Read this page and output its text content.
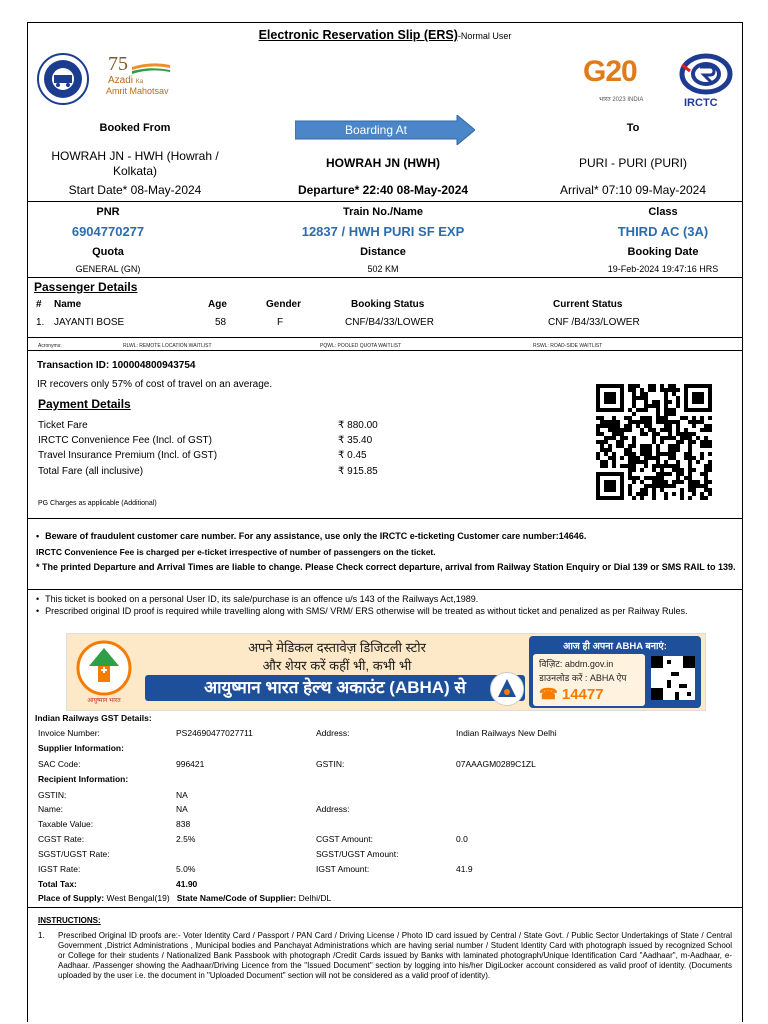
Electronic Reservation Slip (ERS)-Normal User
75
Azadi Ka
Amrit Mahotsav
G20
भारत 2023 INDIA	IRCTC
Booked From	Boarding At	To
HOWRAH JN - HWH (Howrah / Kolkata)
HOWRAH JN (HWH)	PURI - PURI (PURI)
Start Date* 08-May-2024	Departure* 22:40 08-May-2024	Arrival* 07:10 09-May-2024
PNR	Train No./Name	Class
6904770277	12837 / HWH PURI SF EXP	THIRD AC (3A)
Quota	Distance	Booking Date
GENERAL (GN)	502 KM	19-Feb-2024 19:47:16 HRS
Passenger Details
# Name	Age	Gender	Booking Status	Current Status
1. JAYANTI BOSE	58	F	CNF/B4/33/LOWER	CNF /B4/33/LOWER
Acronyms:	RLWL: REMOTE LOCATION WAITLIST	PQWL: POOLED QUOTA WAITLIST	RSWL: ROAD-SIDE WAITLIST
Transaction ID: 100004800943754
IR recovers only 57% of cost of travel on an average.
Payment Details
Ticket Fare	₹ 880.00
IRCTC Convenience Fee (Incl. of GST)	₹ 35.40
Travel Insurance Premium (Incl. of GST)	₹ 0.45
Total Fare (all inclusive)	₹ 915.85
PG Charges as applicable (Additional)
• Beware of fraudulent customer care number. For any assistance, use only the IRCTC e-ticketing Customer care number:14646.
IRCTC Convenience Fee is charged per e-ticket irrespective of number of passengers on the ticket.
* The printed Departure and Arrival Times are liable to change. Please Check correct departure, arrival from Railway Station Enquiry or Dial 139 or SMS RAIL to 139.
• This ticket is booked on a personal User ID, its sale/purchase is an offence u/s 143 of the Railways Act,1989.
• Prescribed original ID proof is required while travelling along with SMS/ VRM/ ERS otherwise will be treated as without ticket and penalized as per Railway Rules.
आयुष्मान भारत
अपने मेडिकल दस्तावेज़ डिजिटली स्टोर
और शेयर करें कहीं भी, कभी भी
आयुष्मान भारत हेल्थ अकाउंट (ABHA) से
आज ही अपना ABHA बनाएं:
विज़िट: abdm.gov.in
डाउनलोड करें : ABHA ऐप
☎ 14477
Indian Railways GST Details:
Invoice Number:	PS24690477027711	Address:	Indian Railways New Delhi
Supplier Information:
SAC Code:	996421	GSTIN:	07AAAGM0289C1ZL
Recipient Information:
GSTIN:	NA
Name:	NA	Address:
Taxable Value:	838
CGST Rate:	2.5%	CGST Amount:	0.0
SGST/UGST Rate:	SGST/UGST Amount:
IGST Rate:	5.0%	IGST Amount:	41.9
Total Tax:	41.90
Place of Supply: West Bengal(19) State Name/Code of Supplier: Delhi/DL
INSTRUCTIONS:
1.	Prescribed Original ID proofs are:- Voter Identity Card / Passport / PAN Card / Driving License / Photo ID card issued by Central / State Govt. / Public Sector Undertakings of State / Central Government ,District Administrations , Municipal bodies and Panchayat Administrations which are having serial number / Student Identity Card with photograph issued by recognized School or College for their students / Nationalized Bank Passbook with photograph /Credit Cards issued by Banks with laminated photograph/Unique Identification Card "Aadhaar", m-Aadhaar, e-Aadhaar. /Passenger showing the Aadhaar/Driving Licence from the "Issued Document" section by logging into his/her DigiLocker account considered as valid proof of identity. (Documents uploaded by the user i.e. the document in "Uploaded Document" section will not be considered as a valid proof of identity).
